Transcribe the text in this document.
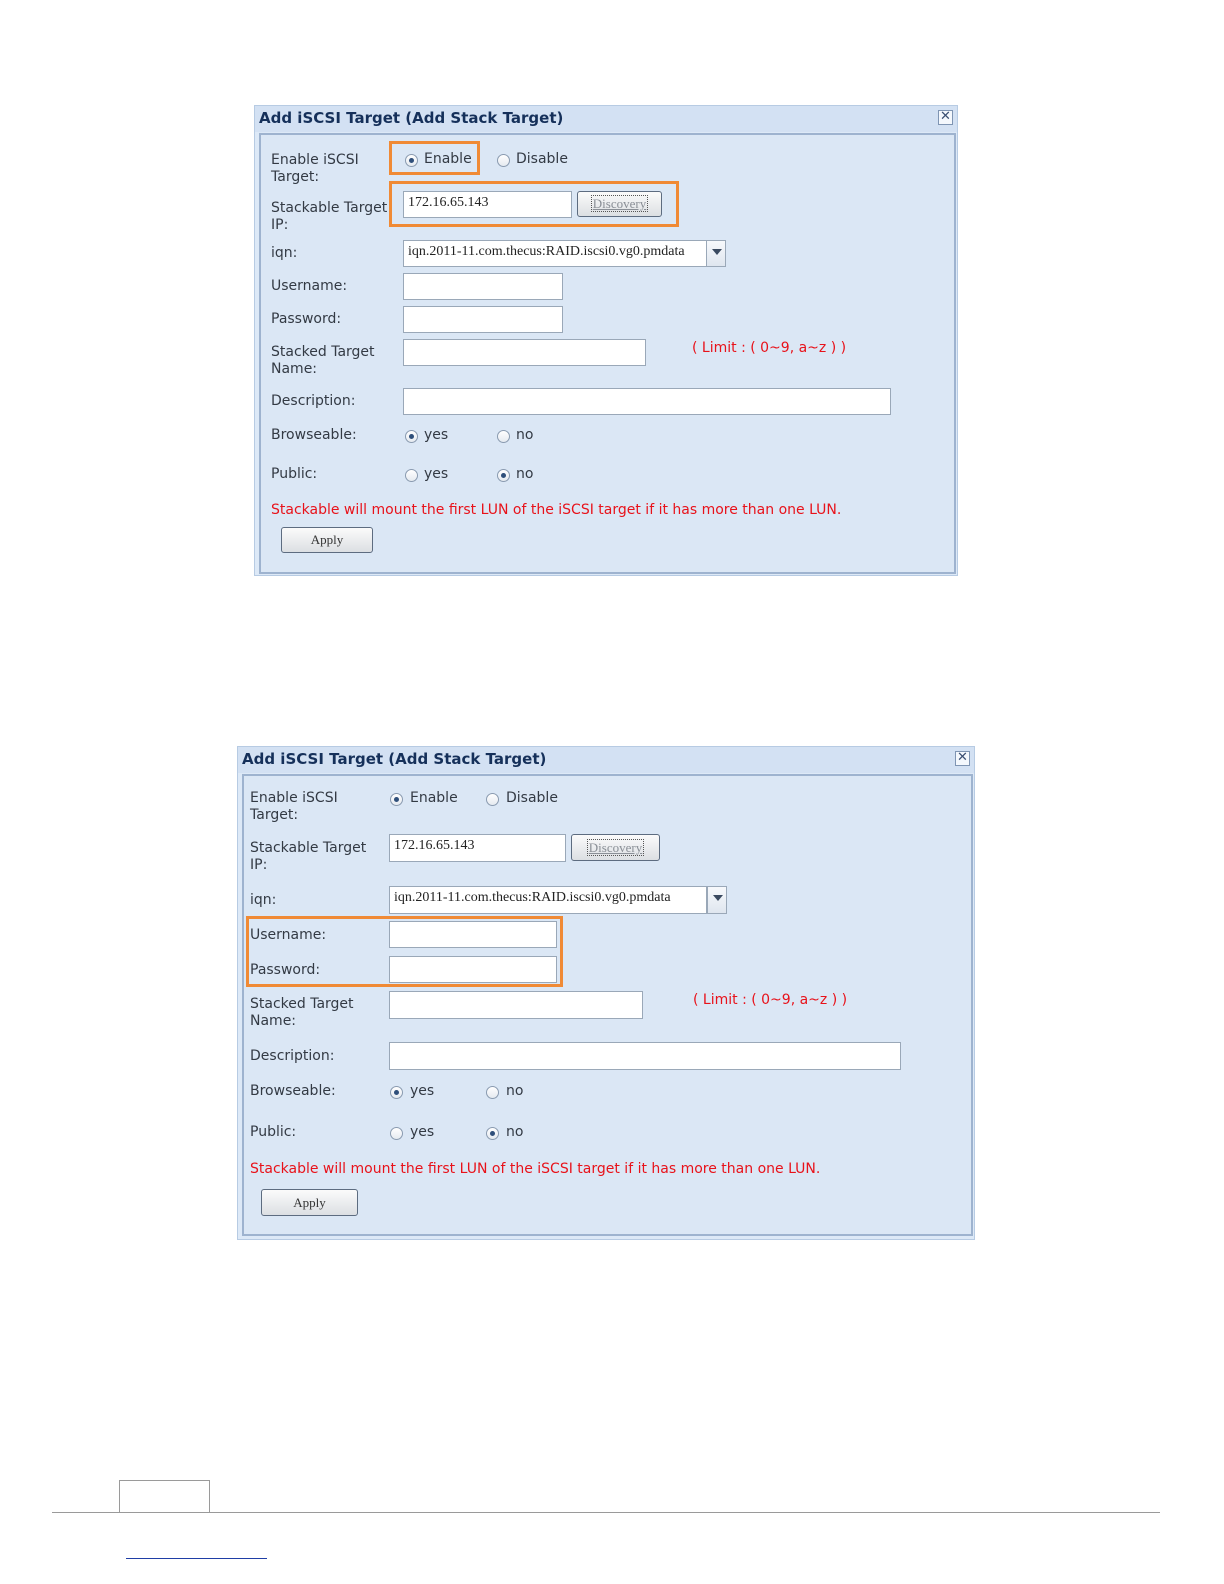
Add iSCSI Target (Add Stack Target)	✕
Enable iSCSI Target:
Enable	Disable
Stackable Target IP:
172.16.65.143	Discovery
iqn:	iqn.2011-11.com.thecus:RAID.iscsi0.vg0.pmdata
Username:
Password:
Stacked Target Name:
( Limit : ( 0~9, a~z ) )
Description:
Browseable:	yes	no
Public:	yes	no
Stackable will mount the first LUN of the iSCSI target if it has more than one LUN.
Apply
Add iSCSI Target (Add Stack Target)	✕
Enable iSCSI Target:
Enable	Disable
Stackable Target IP:
172.16.65.143	Discovery
iqn:	iqn.2011-11.com.thecus:RAID.iscsi0.vg0.pmdata
Username:
Password:
Stacked Target Name:
( Limit : ( 0~9, a~z ) )
Description:
Browseable:	yes	no
Public:	yes	no
Stackable will mount the first LUN of the iSCSI target if it has more than one LUN.
Apply
